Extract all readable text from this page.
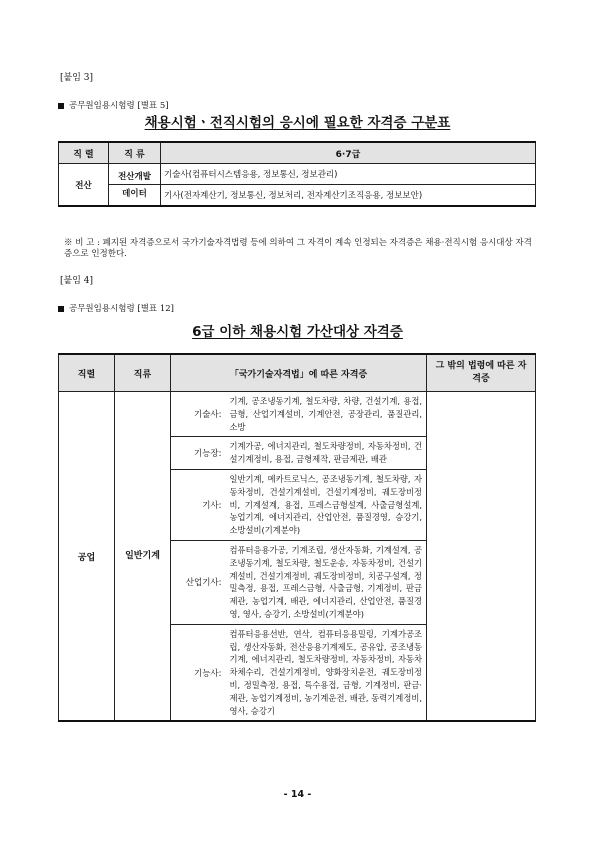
[붙임 3]
공무원임용시험령 [별표 5]
채용시험ㆍ전직시험의 응시에 필요한 자격증 구분표
직 렬	직 류	6·7급
전산	전산개발	기술사(컴퓨터시스템응용, 정보통신, 정보관리)
	데이터	기사(전자계산기, 정보통신, 정보처리, 전자계산기조직응용, 정보보안)
※ 비 고 : 폐지된 자격증으로서 국가기술자격법령 등에 의하여 그 자격이 계속 인정되는 자격증은 채용·전직시험 응시대상 자격증으로 인정한다.
[붙임 4]
공무원임용시험령 [별표 12]
6급 이하 채용시험 가산대상 자격증
직렬	직류	「국가기술자격법」에 따른 자격증		그 밖의 법령에 따른 자격증
공업	일반기계	기술사:	기계, 공조냉동기계, 철도차량, 차량, 건설기계, 용접, 금형, 산업기계설비, 기계안전, 공장관리, 품질관리, 소방	
		기능장:	기계가공, 에너지관리, 철도차량정비, 자동차정비, 건설기계정비, 용접, 금형제작, 판금제관, 배관	
		기사:	일반기계, 메카트로닉스, 공조냉동기계, 철도차량, 자동차정비, 건설기계설비, 건설기계정비, 궤도장비정비, 기계설계, 용접, 프레스금형설계, 사출금형설계, 농업기계, 에너지관리, 산업안전, 품질경영, 승강기, 소방설비(기계분야)	
		산업기사:	컴퓨터응용가공, 기계조립, 생산자동화, 기계설계, 공조냉동기계, 철도차량, 철도운송, 자동차정비, 건설기계설비, 건설기계정비, 궤도장비정비, 치공구설계, 정밀측정, 용접, 프레스금형, 사출금형, 기계정비, 판금제관, 농업기계, 배관, 에너지관리, 산업안전, 품질경영, 영사, 승강기, 소방설비(기계분야)	
		기능사:	컴퓨터응용선반, 연삭, 컴퓨터응용밀링, 기계가공조립, 생산자동화, 전산응용기계제도, 공유압, 공조냉동기계, 에너지관리, 철도차량정비, 자동차정비, 자동차차체수리, 건설기계정비, 양화장치운전, 궤도장비정비, 정밀측정, 용접, 특수용접, 금형, 기계정비, 판금·제관, 농업기계정비, 농기계운전, 배관, 동력기계정비, 영사, 승강기	
- 14 -
